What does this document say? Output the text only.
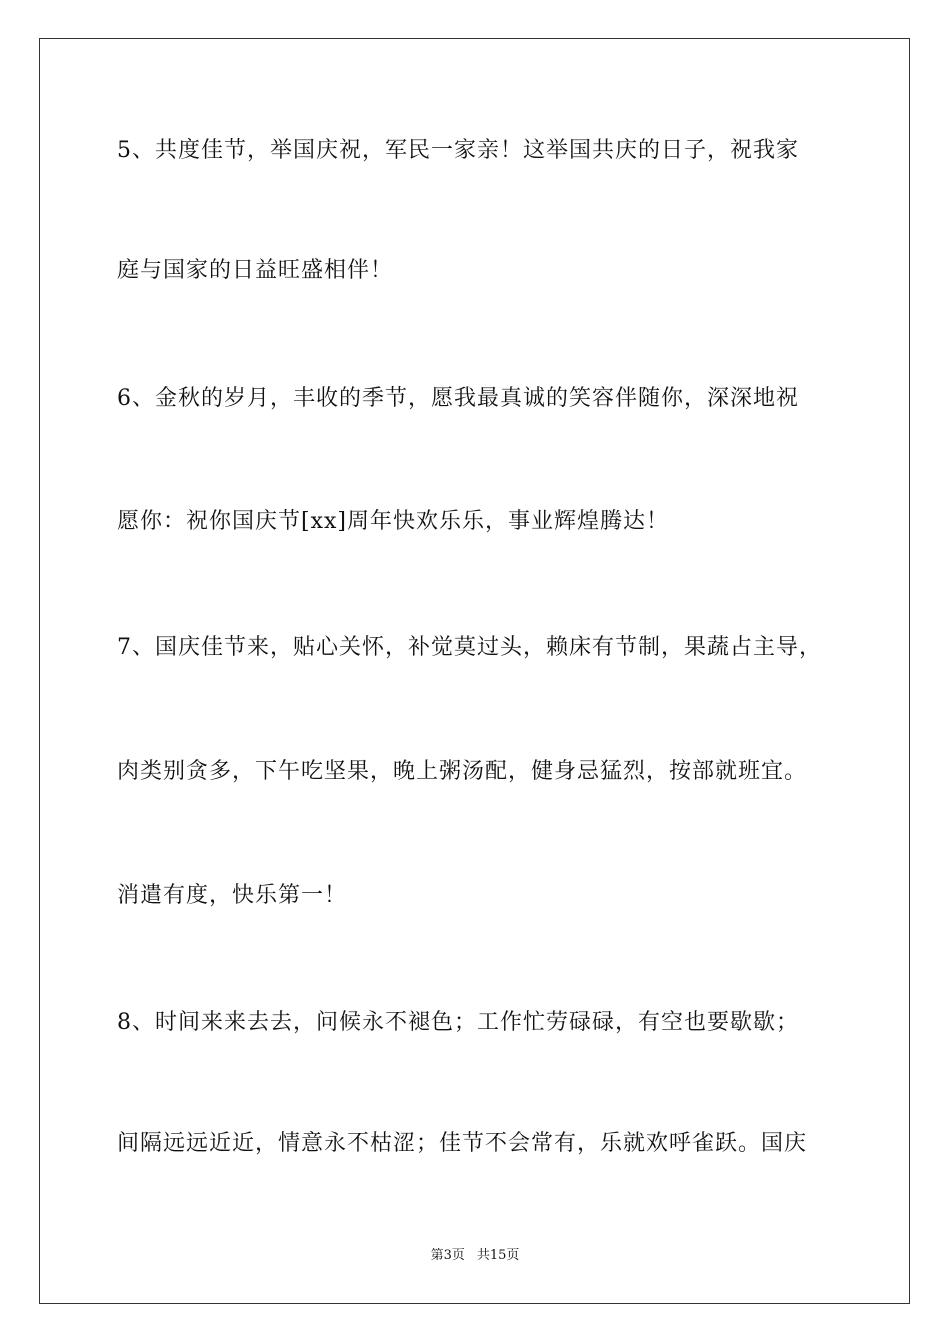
5、共度佳节，举国庆祝，军民一家亲！这举国共庆的日子，祝我家
庭与国家的日益旺盛相伴！
6、金秋的岁月，丰收的季节，愿我最真诚的笑容伴随你，深深地祝
愿你：祝你国庆节[xx]周年快欢乐乐，事业辉煌腾达！
7、国庆佳节来，贴心关怀，补觉莫过头，赖床有节制，果蔬占主导，
肉类别贪多，下午吃坚果，晚上粥汤配，健身忌猛烈，按部就班宜。
消遣有度，快乐第一！
8、时间来来去去，问候永不褪色；工作忙劳碌碌，有空也要歇歇；
间隔远远近近，情意永不枯涩；佳节不会常有，乐就欢呼雀跃。国庆
第3页 共15页
